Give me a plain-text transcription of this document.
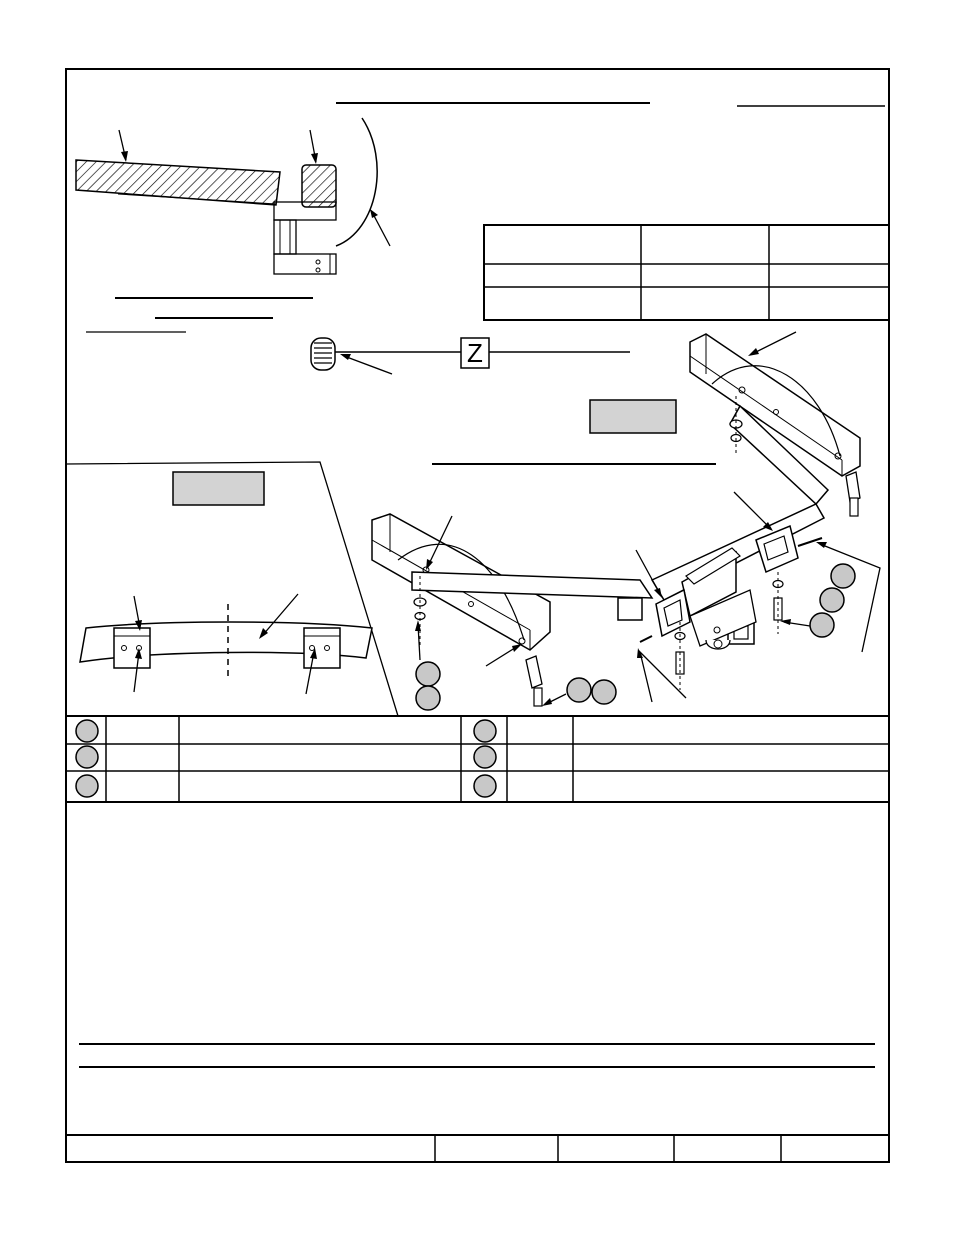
Z
